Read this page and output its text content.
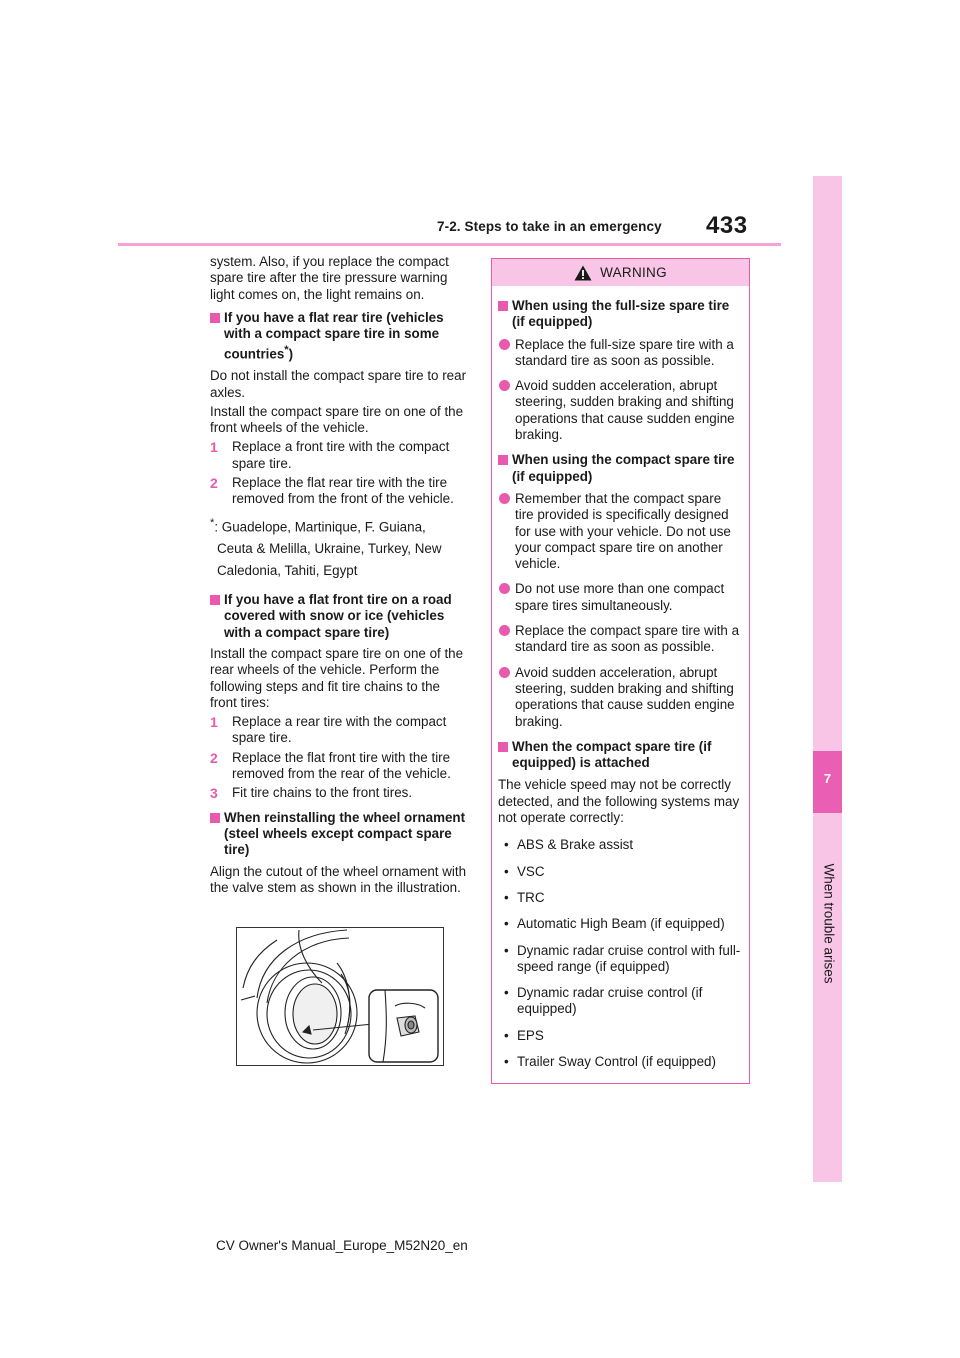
7-2. Steps to take in an emergency 433
7
When trouble arises

system. Also, if you replace the compact spare tire after the tire pressure warning light comes on, the light remains on.

If you have a flat rear tire (vehicles with a compact spare tire in some countries*)

Do not install the compact spare tire to rear axles.

Install the compact spare tire on one of the front wheels of the vehicle.

1 Replace a front tire with the compact spare tire.
2 Replace the flat rear tire with the tire removed from the front of the vehicle.
*: Guadelope, Martinique, F. Guiana,
Ceuta & Melilla, Ukraine, Turkey, New
Caledonia, Tahiti, Egypt
If you have a flat front tire on a road covered with snow or ice (vehicles with a compact spare tire)

Install the compact spare tire on one of the rear wheels of the vehicle. Perform the following steps and fit tire chains to the front tires:

1 Replace a rear tire with the compact spare tire.
2 Replace the flat front tire with the tire removed from the rear of the vehicle.
3 Fit tire chains to the front tires.
When reinstalling the wheel ornament (steel wheels except compact spare tire)

Align the cutout of the wheel ornament with the valve stem as shown in the illustration.

WARNING
When using the full-size spare tire (if equipped)
Replace the full-size spare tire with a standard tire as soon as possible.
Avoid sudden acceleration, abrupt steering, sudden braking and shifting operations that cause sudden engine braking.
When using the compact spare tire (if equipped)
Remember that the compact spare tire provided is specifically designed for use with your vehicle. Do not use your compact spare tire on another vehicle.
Do not use more than one compact spare tires simultaneously.
Replace the compact spare tire with a standard tire as soon as possible.
Avoid sudden acceleration, abrupt steering, sudden braking and shifting operations that cause sudden engine braking.
When the compact spare tire (if equipped) is attached

The vehicle speed may not be correctly detected, and the following systems may not operate correctly:

• ABS & Brake assist
• VSC
• TRC
• Automatic High Beam (if equipped)
• Dynamic radar cruise control with full-speed range (if equipped)
• Dynamic radar cruise control (if equipped)
• EPS
• Trailer Sway Control (if equipped)
CV Owner's Manual_Europe_M52N20_en
